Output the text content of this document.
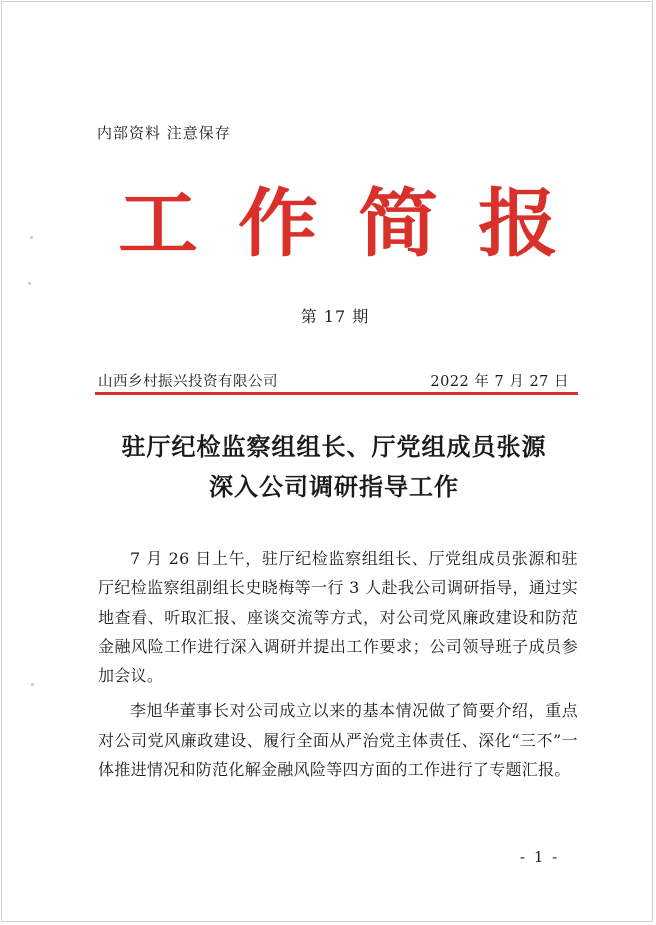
内部资料 注意保存
工 作 简 报
第 17 期
山西乡村振兴投资有限公司	2022 年 7 月 27 日
驻厅纪检监察组组长、厅党组成员张源
深入公司调研指导工作

7 月 26 日上午，驻厅纪检监察组组长、厅党组成员张源和驻厅纪检监察组副组长史晓梅等一行 3 人赴我公司调研指导，通过实地查看、听取汇报、座谈交流等方式，对公司党风廉政建设和防范金融风险工作进行深入调研并提出工作要求；公司领导班子成员参加会议。

李旭华董事长对公司成立以来的基本情况做了简要介绍，重点对公司党风廉政建设、履行全面从严治党主体责任、深化“三不”一体推进情况和防范化解金融风险等四方面的工作进行了专题汇报。

- 1 -
